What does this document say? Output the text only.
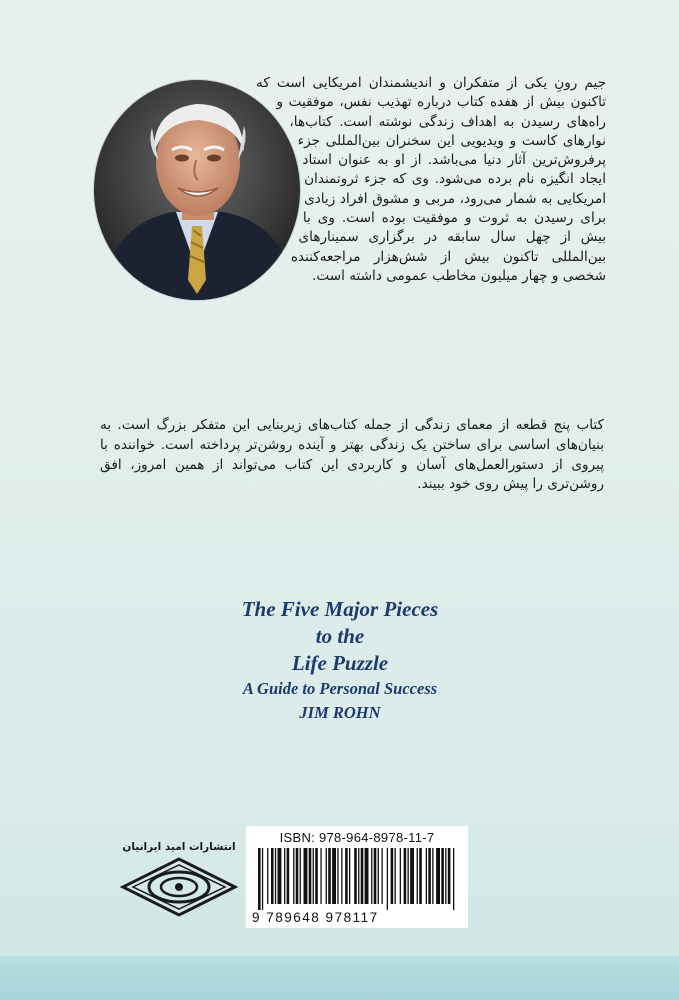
جیم رونِ یکی از متفکران و اندیشمندان امریکایی است که تاکنون بیش از هفده کتاب درباره تهذیب نفس، موفقیت و راه‌های رسیدن به اهداف زندگی نوشته است. کتاب‌ها، نوارهای کاست و ویدیویی این سخنران بین‌المللی جزء پرفروش‌ترین آثار دنیا می‌باشد. از او به عنوان استاد ایجاد انگیزه نام برده می‌شود. وی که جزء ثروتمندان امریکایی به شمار می‌رود، مربی و مشوق افراد زیادی برای رسیدن به ثروت و موفقیت بوده است. وی با بیش از چهل سال سابقه در برگزاری سمینارهای بین‌المللی تاکنون بیش از شش‌هزار مراجعه‌کننده شخصی و چهار میلیون مخاطب عمومی داشته است.

کتاب پنج قطعه از معمای زندگی از جمله کتاب‌های زیربنایی این متفکر بزرگ است. به بنیان‌های اساسی برای ساختن یک زندگی بهتر و آینده روشن‌تر پرداخته است. خواننده با پیروی از دستورالعمل‌های آسان و کاربردی این کتاب می‌تواند از همین امروز، افق روشن‌تری را پیش روی خود ببیند.

The Five Major Pieces
to the
Life Puzzle
A Guide to Personal Success
JIM ROHN
انتشارات امید ایرانیان
ISBN: 978-964-8978-11-7
9 789648 978117
